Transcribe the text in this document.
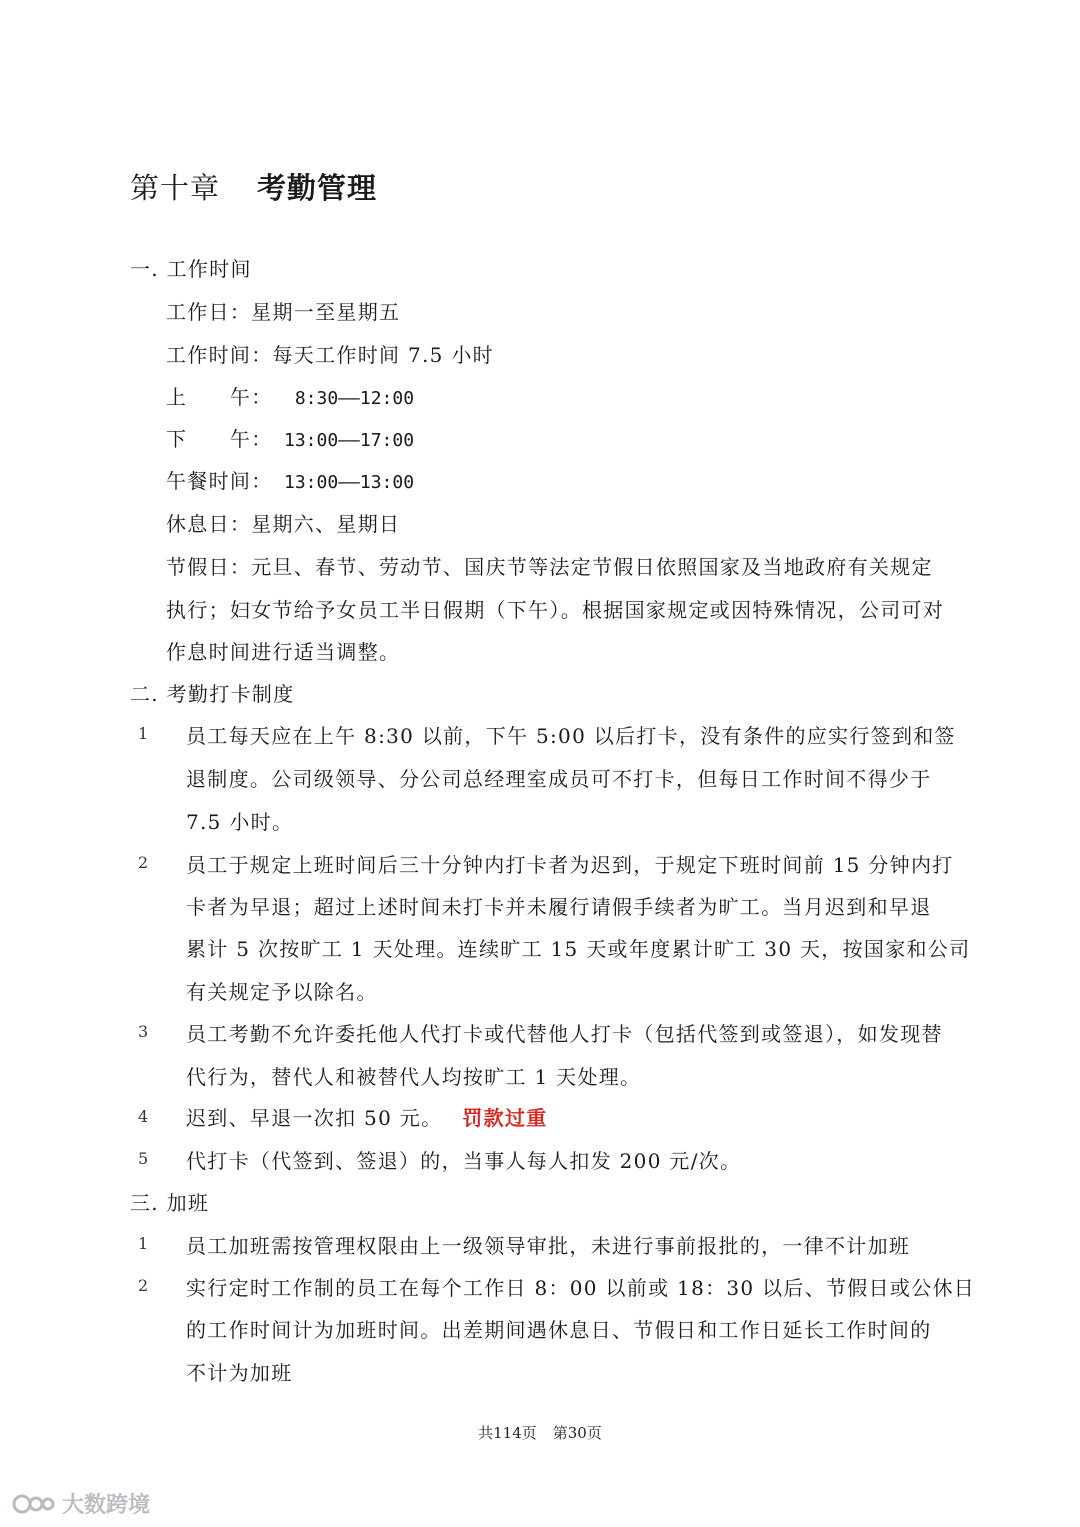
第十章 考勤管理
一. 工作时间
工作日：星期一至星期五
工作时间：每天工作时间 7.5 小时
上　　午： 8:30——12:00
下　　午： 13:00——17:00
午餐时间： 13:00——13:00
休息日：星期六、星期日
节假日：元旦、春节、劳动节、国庆节等法定节假日依照国家及当地政府有关规定
执行；妇女节给予女员工半日假期（下午）。根据国家规定或因特殊情况，公司可对
作息时间进行适当调整。
二. 考勤打卡制度
1 员工每天应在上午 8:30 以前，下午 5:00 以后打卡，没有条件的应实行签到和签
退制度。公司级领导、分公司总经理室成员可不打卡，但每日工作时间不得少于
7.5 小时。
2 员工于规定上班时间后三十分钟内打卡者为迟到，于规定下班时间前 15 分钟内打
卡者为早退；超过上述时间未打卡并未履行请假手续者为旷工。当月迟到和早退
累计 5 次按旷工 1 天处理。连续旷工 15 天或年度累计旷工 30 天，按国家和公司
有关规定予以除名。
3 员工考勤不允许委托他人代打卡或代替他人打卡（包括代签到或签退），如发现替
代行为，替代人和被替代人均按旷工 1 天处理。
4 迟到、早退一次扣 50 元。 罚款过重
5 代打卡（代签到、签退）的，当事人每人扣发 200 元/次。
三. 加班
1 员工加班需按管理权限由上一级领导审批，未进行事前报批的，一律不计加班
2 实行定时工作制的员工在每个工作日 8：00 以前或 18：30 以后、节假日或公休日
的工作时间计为加班时间。出差期间遇休息日、节假日和工作日延长工作时间的
不计为加班
共114页 第30页
大数跨境
